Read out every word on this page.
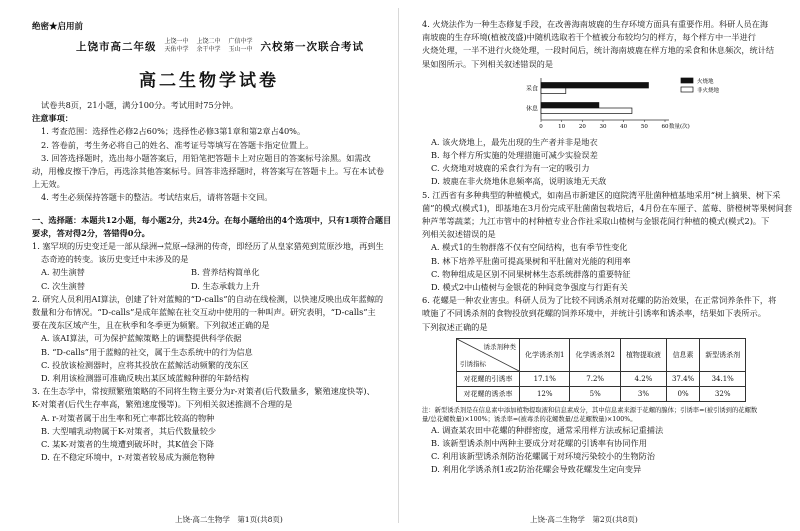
绝密★启用前
上饶市高二年级 上饶一中 上饶二中 广信中学
天佑中学 余干中学 玉山一中 六校第一次联合考试
高二生物学试卷
试卷共8页，21小题，满分100分。考试用时75分钟。
注意事项：
1. 考查范围：选择性必修2占60%；选择性必修3第1章和第2章占40%。
2. 答卷前，考生务必将自己的姓名、准考证号等填写在答题卡指定位置上。
3. 回答选择题时，选出每小题答案后，用铅笔把答题卡上对应题目的答案标号涂黑。如需改
动，用橡皮擦干净后，再选涂其他答案标号。回答非选择题时，将答案写在答题卡上。写在本试卷
上无效。
4. 考生必须保持答题卡的整洁。考试结束后，请将答题卡交回。
一、选择题：本题共12小题，每小题2分，共24分。在每小题给出的4个选项中，只有1项符合题目
要求，答对得2分，答错得0分。
1. 塞罕坝的历史变迁是一部从绿洲→荒原→绿洲的传奇，即经历了从皇家猎苑到荒原沙地，再到生
态奇迹的转变。该历史变迁中未涉及的是
A. 初生演替	B. 营养结构简单化
C. 次生演替	D. 生态承载力上升
2. 研究人员利用AI算法，创建了针对蓝鲸的“D-calls”的自动在线检测，以快速反映出成年蓝鲸的
数量和分布情况。“D-calls”是成年蓝鲸在社交互动中使用的一种叫声。研究表明，“D-calls”主
要在茂东区域产生，且在秋季和冬季更为频繁。下列叙述正确的是
A. 该AI算法，可为保护蓝鲸策略上的调整提供科学依据
B. “D-calls”用于蓝鲸的社交，属于生态系统中的行为信息
C. 投放该检测器时，应将其投放在蓝鲸活动频繁的茂东区
D. 利用该检测器可准确反映出某区域蓝鲸种群的年龄结构
3. 在生态学中，常按照繁殖策略的不同将生物主要分为r-对策者(后代数量多，繁殖速度快等)、
K-对策者(后代生存率高，繁殖速度慢等)。下列相关叙述推测不合理的是
A. r-对策者属于出生率和死亡率都比较高的物种
B. 大型哺乳动物属于K-对策者，其后代数量较少
C. 某K-对策者的生境遭到破坏时，其K值会下降
D. 在不稳定环境中，r-对策者较易成为濒危物种
上饶·高二生物学　第1页(共8页)
4. 火烧法作为一种生态修复手段，在改善海南坡鹿的生存环境方面具有重要作用。科研人员在海
南坡鹿的生存环境(植被茂盛)中随机选取若干个植被分布较均匀的样方，每个样方中一半进行
火烧处理，一半不进行火烧处理，一段时间后，统计海南坡鹿在样方地的采食和休息频次，统计结
果如图所示。下列相关叙述错误的是
采食
休息
0	10 20 30 40 50 60 数量(次)
火烧地
非火烧地
A. 该火烧地上，最先出现的生产者并非是地衣
B. 每个样方所实施的处理措施可减少实验误差
C. 火烧地对坡鹿的采食行为有一定的吸引力
D. 坡鹿在非火烧地休息频率高，说明该地无天敌
5. 江西省有多种典型的种植模式，如南昌市新建区的庭院湾平肚菌种植基地采用“树上摘果、树下采
菌”的模式(模式1)，即基地在3月份完成平肚菌菌包栽培后，4月份在车厘子、蓝莓、脐橙树等果树间套
种芦苇等蔬菜；九江市管中的村种植专业合作社采取山楂树与金银花间行种植的模式(模式2)。下
列相关叙述错误的是
A. 模式1的生物群落不仅有空间结构，也有季节性变化
B. 林下培养平肚菌可提高果树和平肚菌对光能的利用率
C. 物种组成是区别不同果树林生态系统群落的重要特征
D. 模式2中山楂树与金银花的种间竞争强度与行距有关
6. 花螺是一种农业害虫。科研人员为了比较不同诱杀剂对花螺的防治效果，在正常饲养条件下，将
喷施了不同诱杀剂的食物投放到花螺的饲养环境中，并统计引诱率和诱杀率，结果如下表所示。
下列叙述正确的是
诱杀剂种类
引诱指标	化学诱杀剂1	化学诱杀剂2	植物提取液	信息素	新型诱杀剂
对花螺的引诱率	17.1%	7.2%	4.2%	37.4%	34.1%
对花螺的诱杀率	12%	5%	3%	0%	32%
注：新型诱杀剂是在信息素中添加植物提取液和信息素成分，其中信息素来源于花螺的腺体；引诱率=(被引诱到的花螺数
量/总花螺数量)×100%；诱杀率=(被毒杀的花螺数量/总花螺数量)×100%。
A. 调查某农田中花螺的种群密度，通常采用样方法或标记重捕法
B. 该新型诱杀剂中两种主要成分对花螺的引诱率有协同作用
C. 利用该新型诱杀剂防治花螺属于对环境污染较小的生物防治
D. 利用化学诱杀剂1或2防治花螺会导致花螺发生定向变异
上饶·高二生物学　第2页(共8页)
